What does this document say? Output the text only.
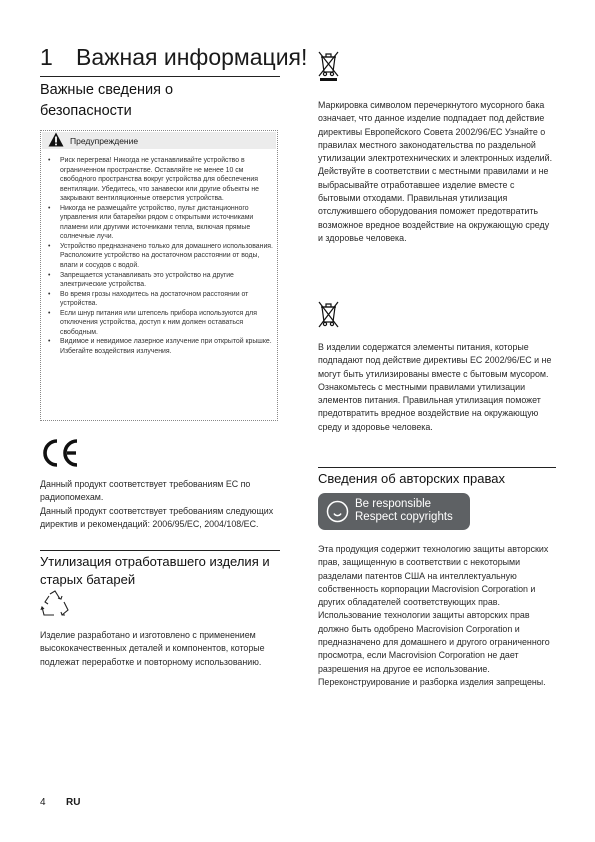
1 Важная информация!
Важные сведения о
безопасности
Предупреждение
• Риск перегрева! Никогда не устанавливайте устройство в ограниченном пространстве. Оставляйте не менее 10 см свободного пространства вокруг устройства для обеспечения вентиляции. Убедитесь, что занавески или другие объекты не закрывают вентиляционные отверстия устройства.
• Никогда не размещайте устройство, пульт дистанционного управления или батарейки рядом с открытыми источниками пламени или другими источниками тепла, включая прямые солнечные лучи.
• Устройство предназначено только для домашнего использования. Расположите устройство на достаточном расстоянии от воды, влаги и сосудов с водой.
• Запрещается устанавливать это устройство на другие электрические устройства.
• Во время грозы находитесь на достаточном расстоянии от устройства.
• Если шнур питания или штепсель прибора используются для отключения устройства, доступ к ним должен оставаться свободным.
• Видимое и невидимое лазерное излучение при открытой крышке. Избегайте воздействия излучения.
Данный продукт соответствует требованиям ЕС по радиопомехам.
Данный продукт соответствует требованиям следующих директив и рекомендаций: 2006/95/ЕС, 2004/108/ЕС.
Утилизация отработавшего изделия и
старых батарей
Изделие разработано и изготовлено с применением высококачественных деталей и компонентов, которые подлежат переработке и повторному использованию.
Маркировка символом перечеркнутого мусорного бака означает, что данное изделие подпадает под действие директивы Европейского Совета 2002/96/ЕС Узнайте о правилах местного законодательства по раздельной утилизации электротехнических и электронных изделий. Действуйте в соответствии с местными правилами и не выбрасывайте отработавшее изделие вместе с бытовыми отходами. Правильная утилизация отслужившего оборудования поможет предотвратить возможное вредное воздействие на окружающую среду и здоровье человека.
В изделии содержатся элементы питания, которые подпадают под действие директивы ЕС 2002/96/ЕС и не могут быть утилизированы вместе с бытовым мусором. Ознакомьтесь с местными правилами утилизации элементов питания. Правильная утилизация поможет предотвратить вредное воздействие на окружающую среду и здоровье человека.
Сведения об авторских правах
Be responsible
Respect copyrights
Эта продукция содержит технологию защиты авторских прав, защищенную в соответствии с некоторыми разделами патентов США на интеллектуальную собственность корпорации Macrovision Corporation и других обладателей соответствующих прав. Использование технологии защиты авторских прав должно быть одобрено Macrovision Corporation и предназначено для домашнего и другого ограниченного просмотра, если Macrovision Corporation не дает разрешения на другое ее использование. Переконструирование и разборка изделия запрещены.
4 RU
